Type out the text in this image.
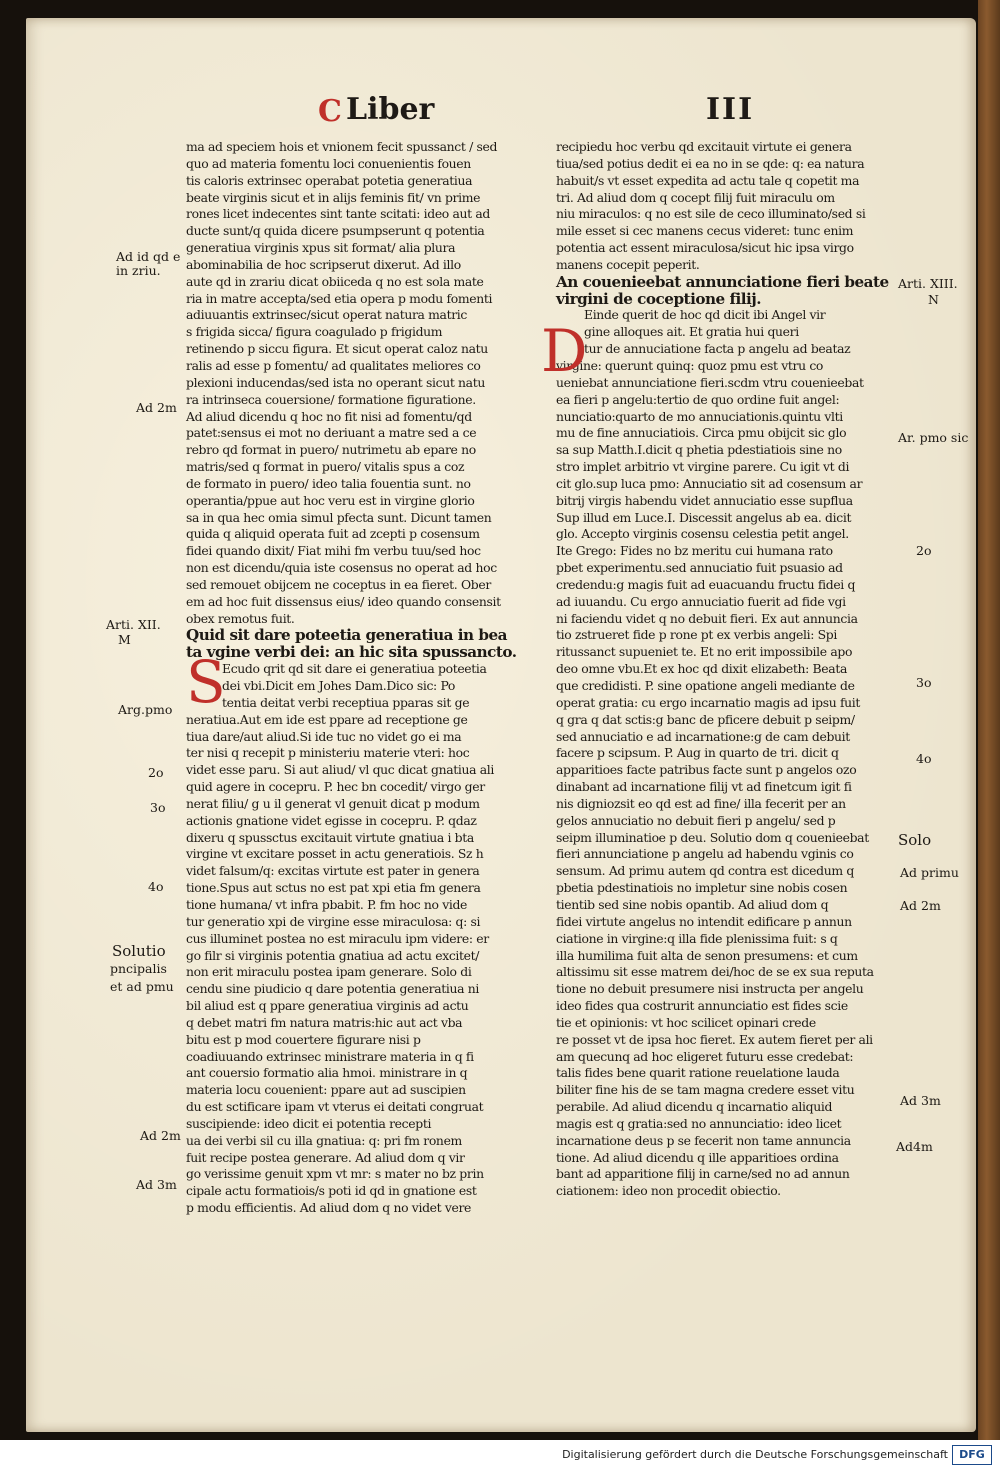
C Liber	III
ma ad speciem hois et vnionem fecit spussanct / sed
quo ad materia fomentu loci conuenientis fouen
tis caloris extrinsec operabat potetia generatiua
beate virginis sicut et in alijs feminis fit/ vn prime
rones licet indecentes sint tante scitati: ideo aut ad
ducte sunt/q quida dicere psumpserunt q potentia
generatiua virginis xpus sit format/ alia plura
abominabilia de hoc scripserut dixerut. Ad illo
aute qd in zrariu dicat obiiceda q no est sola mate
ria in matre accepta/sed etia opera p modu fomenti
adiuuantis extrinsec/sicut operat natura matric
s frigida sicca/ figura coagulado p frigidum
retinendo p siccu figura. Et sicut operat caloz natu
ralis ad esse p fomentu/ ad qualitates meliores co
plexioni inducendas/sed ista no operant sicut natu
ra intrinseca couersione/ formatione figuratione.
Ad aliud dicendu q hoc no fit nisi ad fomentu/qd
patet:sensus ei mot no deriuant a matre sed a ce
rebro qd format in puero/ nutrimetu ab epare no
matris/sed q format in puero/ vitalis spus a coz
de formato in puero/ ideo talia fouentia sunt. no
operantia/ppue aut hoc veru est in virgine glorio
sa in qua hec omia simul pfecta sunt. Dicunt tamen
quida q aliquid operata fuit ad zcepti p cosensum
fidei quando dixit/ Fiat mihi fm verbu tuu/sed hoc
non est dicendu/quia iste cosensus no operat ad hoc
sed remouet obijcem ne coceptus in ea fieret. Ober
em ad hoc fuit dissensus eius/ ideo quando consensit
obex remotus fuit.
Quid sit dare poteetia generatiua in bea
ta vgine verbi dei: an hic sita spussancto.
Ecudo qrit qd sit dare ei generatiua poteetia
dei vbi.Dicit em Johes Dam.Dico sic: Po
tentia deitat verbi receptiua pparas sit ge
neratiua.Aut em ide est ppare ad receptione ge
tiua dare/aut aliud.Si ide tuc no videt go ei ma
ter nisi q recepit p ministeriu materie vteri: hoc
videt esse paru. Si aut aliud/ vl quc dicat gnatiua ali
quid agere in cocepru. P. hec bn cocedit/ virgo ger
nerat filiu/ g u il generat vl genuit dicat p modum
actionis gnatione videt egisse in cocepru. P. qdaz
dixeru q spussctus excitauit virtute gnatiua i bta
virgine vt excitare posset in actu generatiois. Sz h
videt falsum/q: excitas virtute est pater in genera
tione.Spus aut sctus no est pat xpi etia fm genera
tione humana/ vt infra pbabit. P. fm hoc no vide
tur generatio xpi de virgine esse miraculosa: q: si
cus illuminet postea no est miraculu ipm videre: er
go filr si virginis potentia gnatiua ad actu excitet/
non erit miraculu postea ipam generare. Solo di
cendu sine piudicio q dare potentia generatiua ni
bil aliud est q ppare generatiua virginis ad actu
q debet matri fm natura matris:hic aut act vba
bitu est p mod couertere figurare nisi p
coadiuuando extrinsec ministrare materia in q fi
ant couersio formatio alia hmoi. ministrare in q
materia locu couenient: ppare aut ad suscipien
du est sctificare ipam vt vterus ei deitati congruat
suscipiende: ideo dicit ei potentia recepti
ua dei verbi sil cu illa gnatiua: q: pri fm ronem
fuit recipe postea generare. Ad aliud dom q vir
go verissime genuit xpm vt mr: s mater no bz prin
cipale actu formatiois/s poti id qd in gnatione est
p modu efficientis. Ad aliud dom q no videt vere
recipiedu hoc verbu qd excitauit virtute ei genera
tiua/sed potius dedit ei ea no in se qde: q: ea natura
habuit/s vt esset expedita ad actu tale q copetit ma
tri. Ad aliud dom q cocept filij fuit miraculu om
niu miraculos: q no est sile de ceco illuminato/sed si
mile esset si cec manens cecus videret: tunc enim
potentia act essent miraculosa/sicut hic ipsa virgo
manens cocepit peperit.
An couenieebat annunciatione fieri beate
virgini de coceptione filij.
Einde querit de hoc qd dicit ibi Angel vir
gine alloques ait. Et gratia hui queri
tur de annuciatione facta p angelu ad beataz
virgine: querunt quinq: quoz pmu est vtru co
ueniebat annunciatione fieri.scdm vtru couenieebat
ea fieri p angelu:tertio de quo ordine fuit angel:
nunciatio:quarto de mo annuciationis.quintu vlti
mu de fine annuciatiois. Circa pmu obijcit sic glo
sa sup Matth.I.dicit q phetia pdestiatiois sine no
stro implet arbitrio vt virgine parere. Cu igit vt di
cit glo.sup luca pmo: Annuciatio sit ad cosensum ar
bitrij virgis habendu videt annuciatio esse supflua
Sup illud em Luce.I. Discessit angelus ab ea. dicit
glo. Accepto virginis cosensu celestia petit angel.
Ite Grego: Fides no bz meritu cui humana rato
pbet experimentu.sed annuciatio fuit psuasio ad
credendu:g magis fuit ad euacuandu fructu fidei q
ad iuuandu. Cu ergo annuciatio fuerit ad fide vgi
ni faciendu videt q no debuit fieri. Ex aut annuncia
tio zstrueret fide p rone pt ex verbis angeli: Spi
ritussanct supueniet te. Et no erit impossibile apo
deo omne vbu.Et ex hoc qd dixit elizabeth: Beata
que credidisti. P. sine opatione angeli mediante de
operat gratia: cu ergo incarnatio magis ad ipsu fuit
q gra q dat sctis:g banc de pficere debuit p seipm/
sed annuciatio e ad incarnatione:g de cam debuit
facere p scipsum. P. Aug in quarto de tri. dicit q
apparitioes facte patribus facte sunt p angelos ozo
dinabant ad incarnatione filij vt ad finetcum igit fi
nis digniozsit eo qd est ad fine/ illa fecerit per an
gelos annuciatio no debuit fieri p angelu/ sed p
seipm illuminatioe p deu. Solutio dom q couenieebat
fieri annunciatione p angelu ad habendu vginis co
sensum. Ad primu autem qd contra est dicedum q
pbetia pdestinatiois no impletur sine nobis cosen
tientib sed sine nobis opantib. Ad aliud dom q
fidei virtute angelus no intendit edificare p annun
ciatione in virgine:q illa fide plenissima fuit: s q
illa humilima fuit alta de senon presumens: et cum
altissimu sit esse matrem dei/hoc de se ex sua reputa
tione no debuit presumere nisi instructa per angelu
ideo fides qua costrurit annunciatio est fides scie
tie et opinionis: vt hoc scilicet opinari crede
re posset vt de ipsa hoc fieret. Ex autem fieret per ali
am quecunq ad hoc eligeret futuru esse credebat:
talis fides bene quarit ratione reuelatione lauda
biliter fine his de se tam magna credere esset vitu
perabile. Ad aliud dicendu q incarnatio aliquid
magis est q gratia:sed no annunciatio: ideo licet
incarnatione deus p se fecerit non tame annuncia
tione. Ad aliud dicendu q ille apparitioes ordina
bant ad apparitione filij in carne/sed no ad annun
ciationem: ideo non procedit obiectio.
S
D
Ad id qd e
in zriu.
Ad 2m
Arti. XII.
M
Arg.pmo
2o
3o
4o
Solutio
pncipalis
et ad pmu
Ad 2m
Ad 3m
Arti. XIII.
N
Ar. pmo sic
2o
3o
4o
Solo
Ad primu
Ad 2m
Ad 3m
Ad4m
Digitalisierung gefördert durch die Deutsche Forschungsgemeinschaft	DFG
